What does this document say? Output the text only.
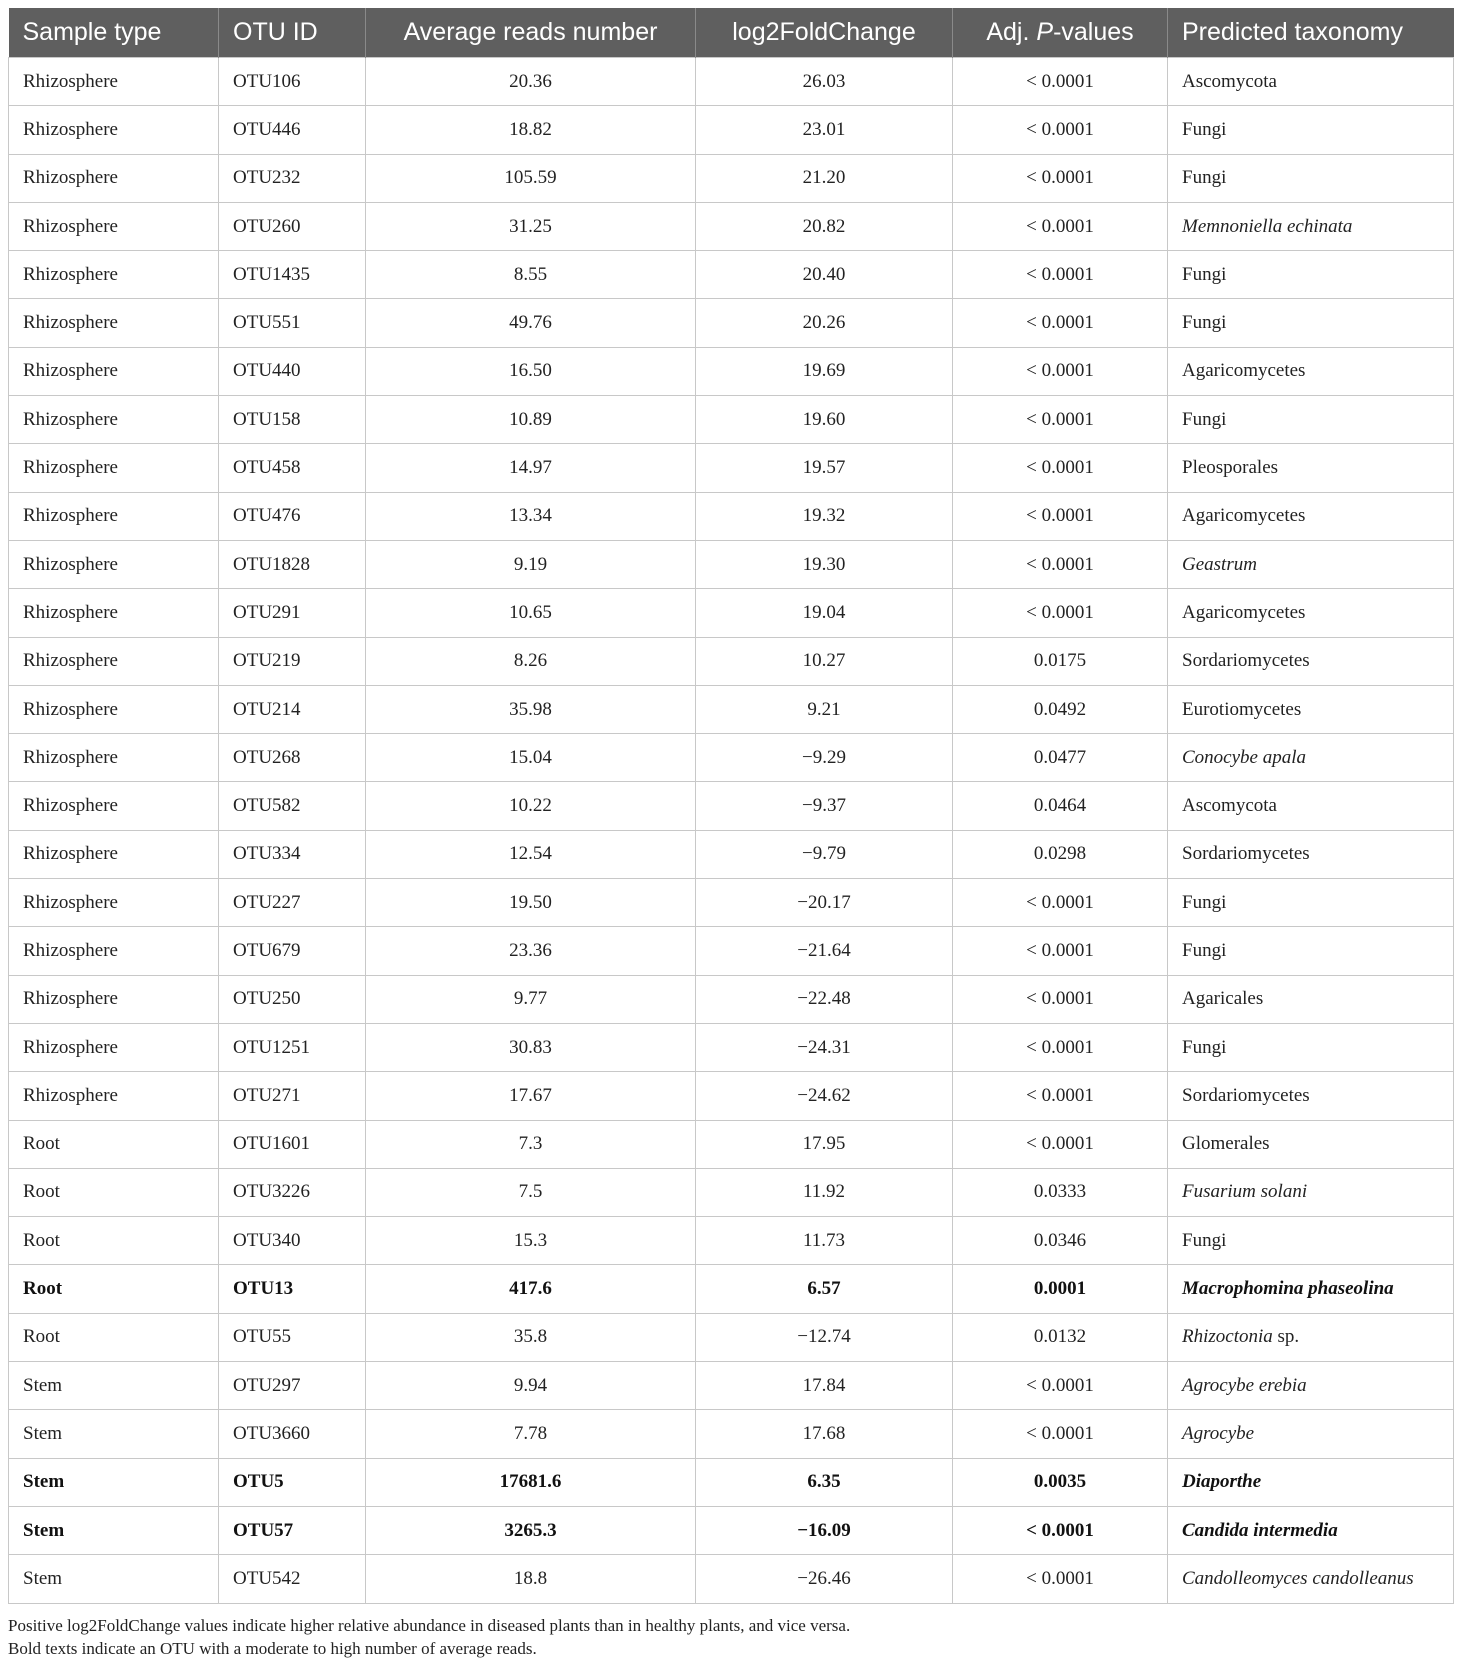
Sample type	OTU ID	Average reads number	log2FoldChange	Adj. P-values	Predicted taxonomy
Rhizosphere	OTU106	20.36	26.03	< 0.0001	Ascomycota
Rhizosphere	OTU446	18.82	23.01	< 0.0001	Fungi
Rhizosphere	OTU232	105.59	21.20	< 0.0001	Fungi
Rhizosphere	OTU260	31.25	20.82	< 0.0001	Memnoniella echinata
Rhizosphere	OTU1435	8.55	20.40	< 0.0001	Fungi
Rhizosphere	OTU551	49.76	20.26	< 0.0001	Fungi
Rhizosphere	OTU440	16.50	19.69	< 0.0001	Agaricomycetes
Rhizosphere	OTU158	10.89	19.60	< 0.0001	Fungi
Rhizosphere	OTU458	14.97	19.57	< 0.0001	Pleosporales
Rhizosphere	OTU476	13.34	19.32	< 0.0001	Agaricomycetes
Rhizosphere	OTU1828	9.19	19.30	< 0.0001	Geastrum
Rhizosphere	OTU291	10.65	19.04	< 0.0001	Agaricomycetes
Rhizosphere	OTU219	8.26	10.27	0.0175	Sordariomycetes
Rhizosphere	OTU214	35.98	9.21	0.0492	Eurotiomycetes
Rhizosphere	OTU268	15.04	−9.29	0.0477	Conocybe apala
Rhizosphere	OTU582	10.22	−9.37	0.0464	Ascomycota
Rhizosphere	OTU334	12.54	−9.79	0.0298	Sordariomycetes
Rhizosphere	OTU227	19.50	−20.17	< 0.0001	Fungi
Rhizosphere	OTU679	23.36	−21.64	< 0.0001	Fungi
Rhizosphere	OTU250	9.77	−22.48	< 0.0001	Agaricales
Rhizosphere	OTU1251	30.83	−24.31	< 0.0001	Fungi
Rhizosphere	OTU271	17.67	−24.62	< 0.0001	Sordariomycetes
Root	OTU1601	7.3	17.95	< 0.0001	Glomerales
Root	OTU3226	7.5	11.92	0.0333	Fusarium solani
Root	OTU340	15.3	11.73	0.0346	Fungi
Root	OTU13	417.6	6.57	0.0001	Macrophomina phaseolina
Root	OTU55	35.8	−12.74	0.0132	Rhizoctonia sp.
Stem	OTU297	9.94	17.84	< 0.0001	Agrocybe erebia
Stem	OTU3660	7.78	17.68	< 0.0001	Agrocybe
Stem	OTU5	17681.6	6.35	0.0035	Diaporthe
Stem	OTU57	3265.3	−16.09	< 0.0001	Candida intermedia
Stem	OTU542	18.8	−26.46	< 0.0001	Candolleomyces candolleanus

Positive log2FoldChange values indicate higher relative abundance in diseased plants than in healthy plants, and vice versa.

Bold texts indicate an OTU with a moderate to high number of average reads.
